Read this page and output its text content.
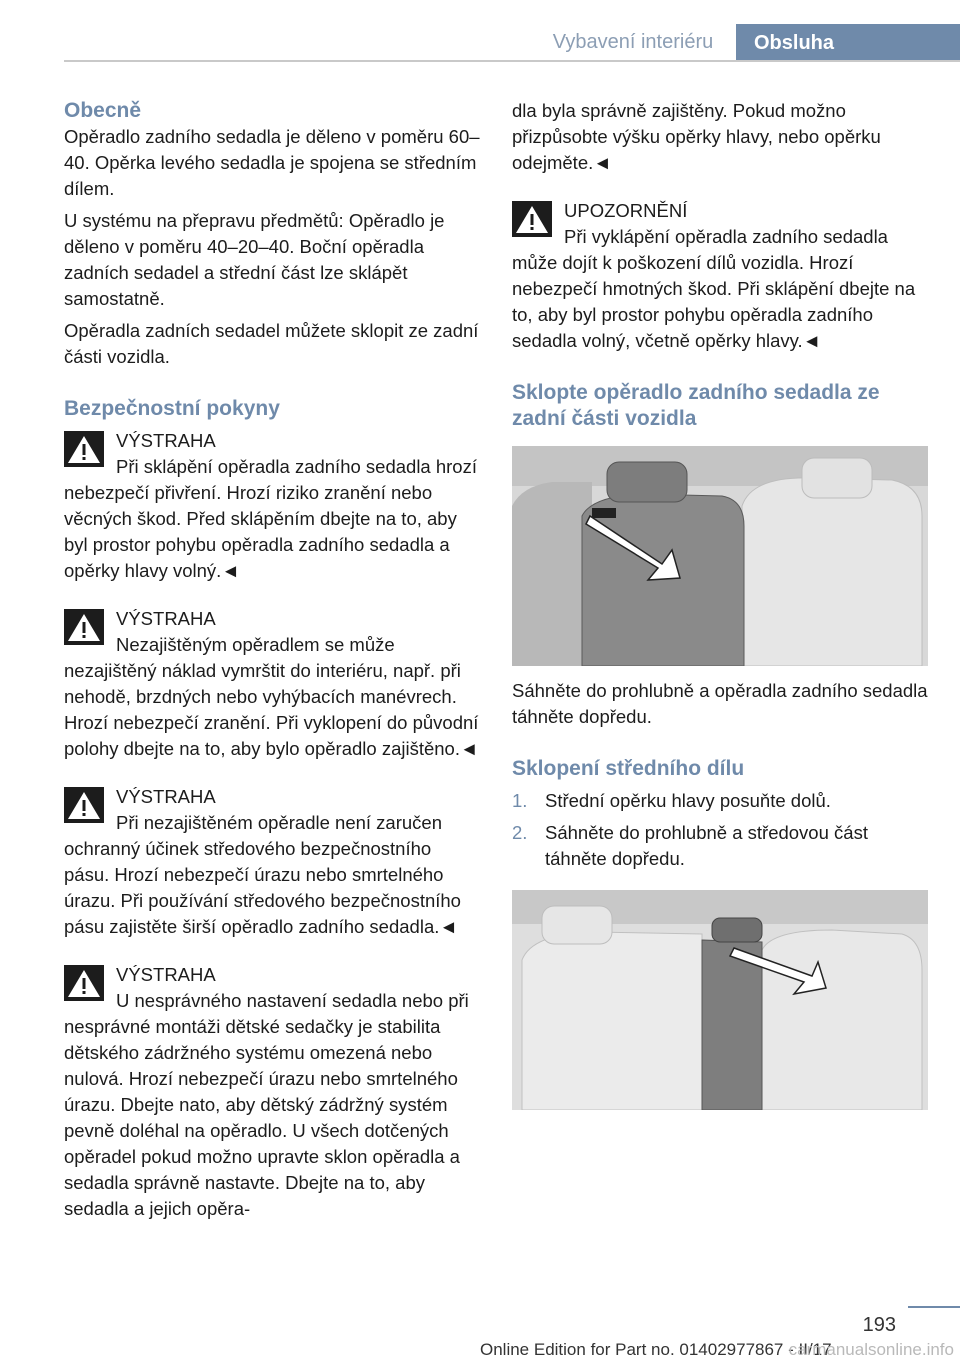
Vybavení interiéru Obsluha
Obecně

Opěradlo zadního sedadla je děleno v poměru 60–40. Opěrka levého sedadla je spojena se středním dílem.

U systému na přepravu předmětů: Opěradlo je děleno v poměru 40–20–40. Boční opěradla zadních sedadel a střední část lze sklápět samostatně.

Opěradla zadních sedadel můžete sklopit ze zadní části vozidla.

Bezpečnostní pokyny

VÝSTRAHA

Při sklápění opěradla zadního sedadla hrozí nebezpečí přivření. Hrozí riziko zranění nebo věcných škod. Před sklápěním dbejte na to, aby byl prostor pohybu opěradla zadního sedadla a opěrky hlavy volný.◄

VÝSTRAHA

Nezajištěným opěradlem se může nezajištěný náklad vymrštit do interiéru, např. při nehodě, brzdných nebo vyhýbacích manévrech. Hrozí nebezpečí zranění. Při vyklopení do původní polohy dbejte na to, aby bylo opěradlo zajištěno.◄

VÝSTRAHA

Při nezajištěném opěradle není zaručen ochranný účinek středového bezpečnostního pásu. Hrozí nebezpečí úrazu nebo smrtelného úrazu. Při používání středového bezpečnostního pásu zajistěte širší opěradlo zadního sedadla.◄

VÝSTRAHA

U nesprávného nastavení sedadla nebo při nesprávné montáži dětské sedačky je stabilita dětského zádržného systému omezená nebo nulová. Hrozí nebezpečí úrazu nebo smrtelného úrazu. Dbejte nato, aby dětský zádržný systém pevně doléhal na opěradlo. U všech dotčených opěradel pokud možno upravte sklon opěradla a sedadla správně nastavte. Dbejte na to, aby sedadla a jejich opěra-

dla byla správně zajištěny. Pokud možno přizpůsobte výšku opěrky hlavy, nebo opěrku odejměte.◄

UPOZORNĚNÍ

Při vyklápění opěradla zadního sedadla může dojít k poškození dílů vozidla. Hrozí nebezpečí hmotných škod. Při sklápění dbejte na to, aby byl prostor pohybu opěradla zadního sedadla volný, včetně opěrky hlavy.◄

Sklopte opěradlo zadního sedadla ze zadní části vozidla

Sáhněte do prohlubně a opěradla zadního sedadla táhněte dopředu.

Sklopení středního dílu
1. Střední opěrku hlavy posuňte dolů.
2. Sáhněte do prohlubně a středovou část táhněte dopředu.
193
Online Edition for Part no. 01402977867 - II/17
carmanualsonline.info
